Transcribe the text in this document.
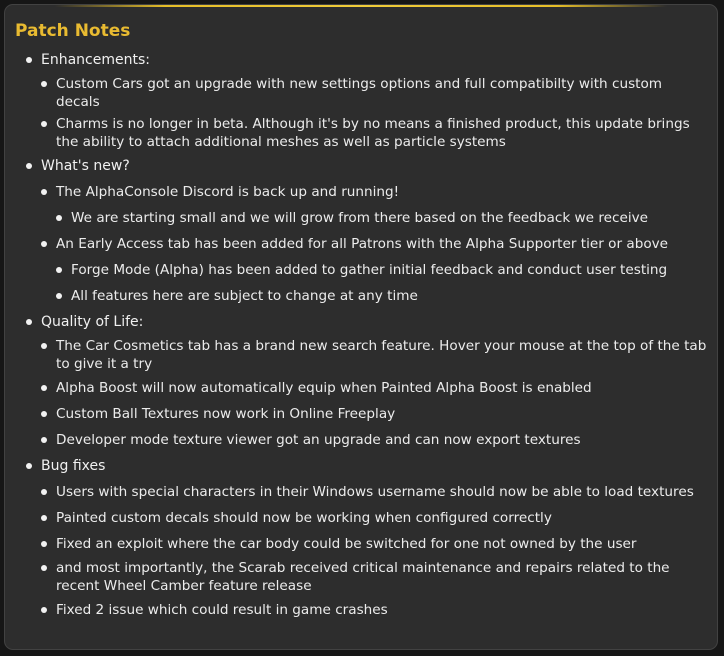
Patch Notes
Enhancements:
Custom Cars got an upgrade with new settings options and full compatibilty with custom decals
Charms is no longer in beta. Although it's by no means a finished product, this update brings the ability to attach additional meshes as well as particle systems
What's new?
The AlphaConsole Discord is back up and running!
We are starting small and we will grow from there based on the feedback we receive
An Early Access tab has been added for all Patrons with the Alpha Supporter tier or above
Forge Mode (Alpha) has been added to gather initial feedback and conduct user testing
All features here are subject to change at any time
Quality of Life:
The Car Cosmetics tab has a brand new search feature. Hover your mouse at the top of the tab to give it a try
Alpha Boost will now automatically equip when Painted Alpha Boost is enabled
Custom Ball Textures now work in Online Freeplay
Developer mode texture viewer got an upgrade and can now export textures
Bug fixes
Users with special characters in their Windows username should now be able to load textures
Painted custom decals should now be working when configured correctly
Fixed an exploit where the car body could be switched for one not owned by the user
and most importantly, the Scarab received critical maintenance and repairs related to the recent Wheel Camber feature release
Fixed 2 issue which could result in game crashes
